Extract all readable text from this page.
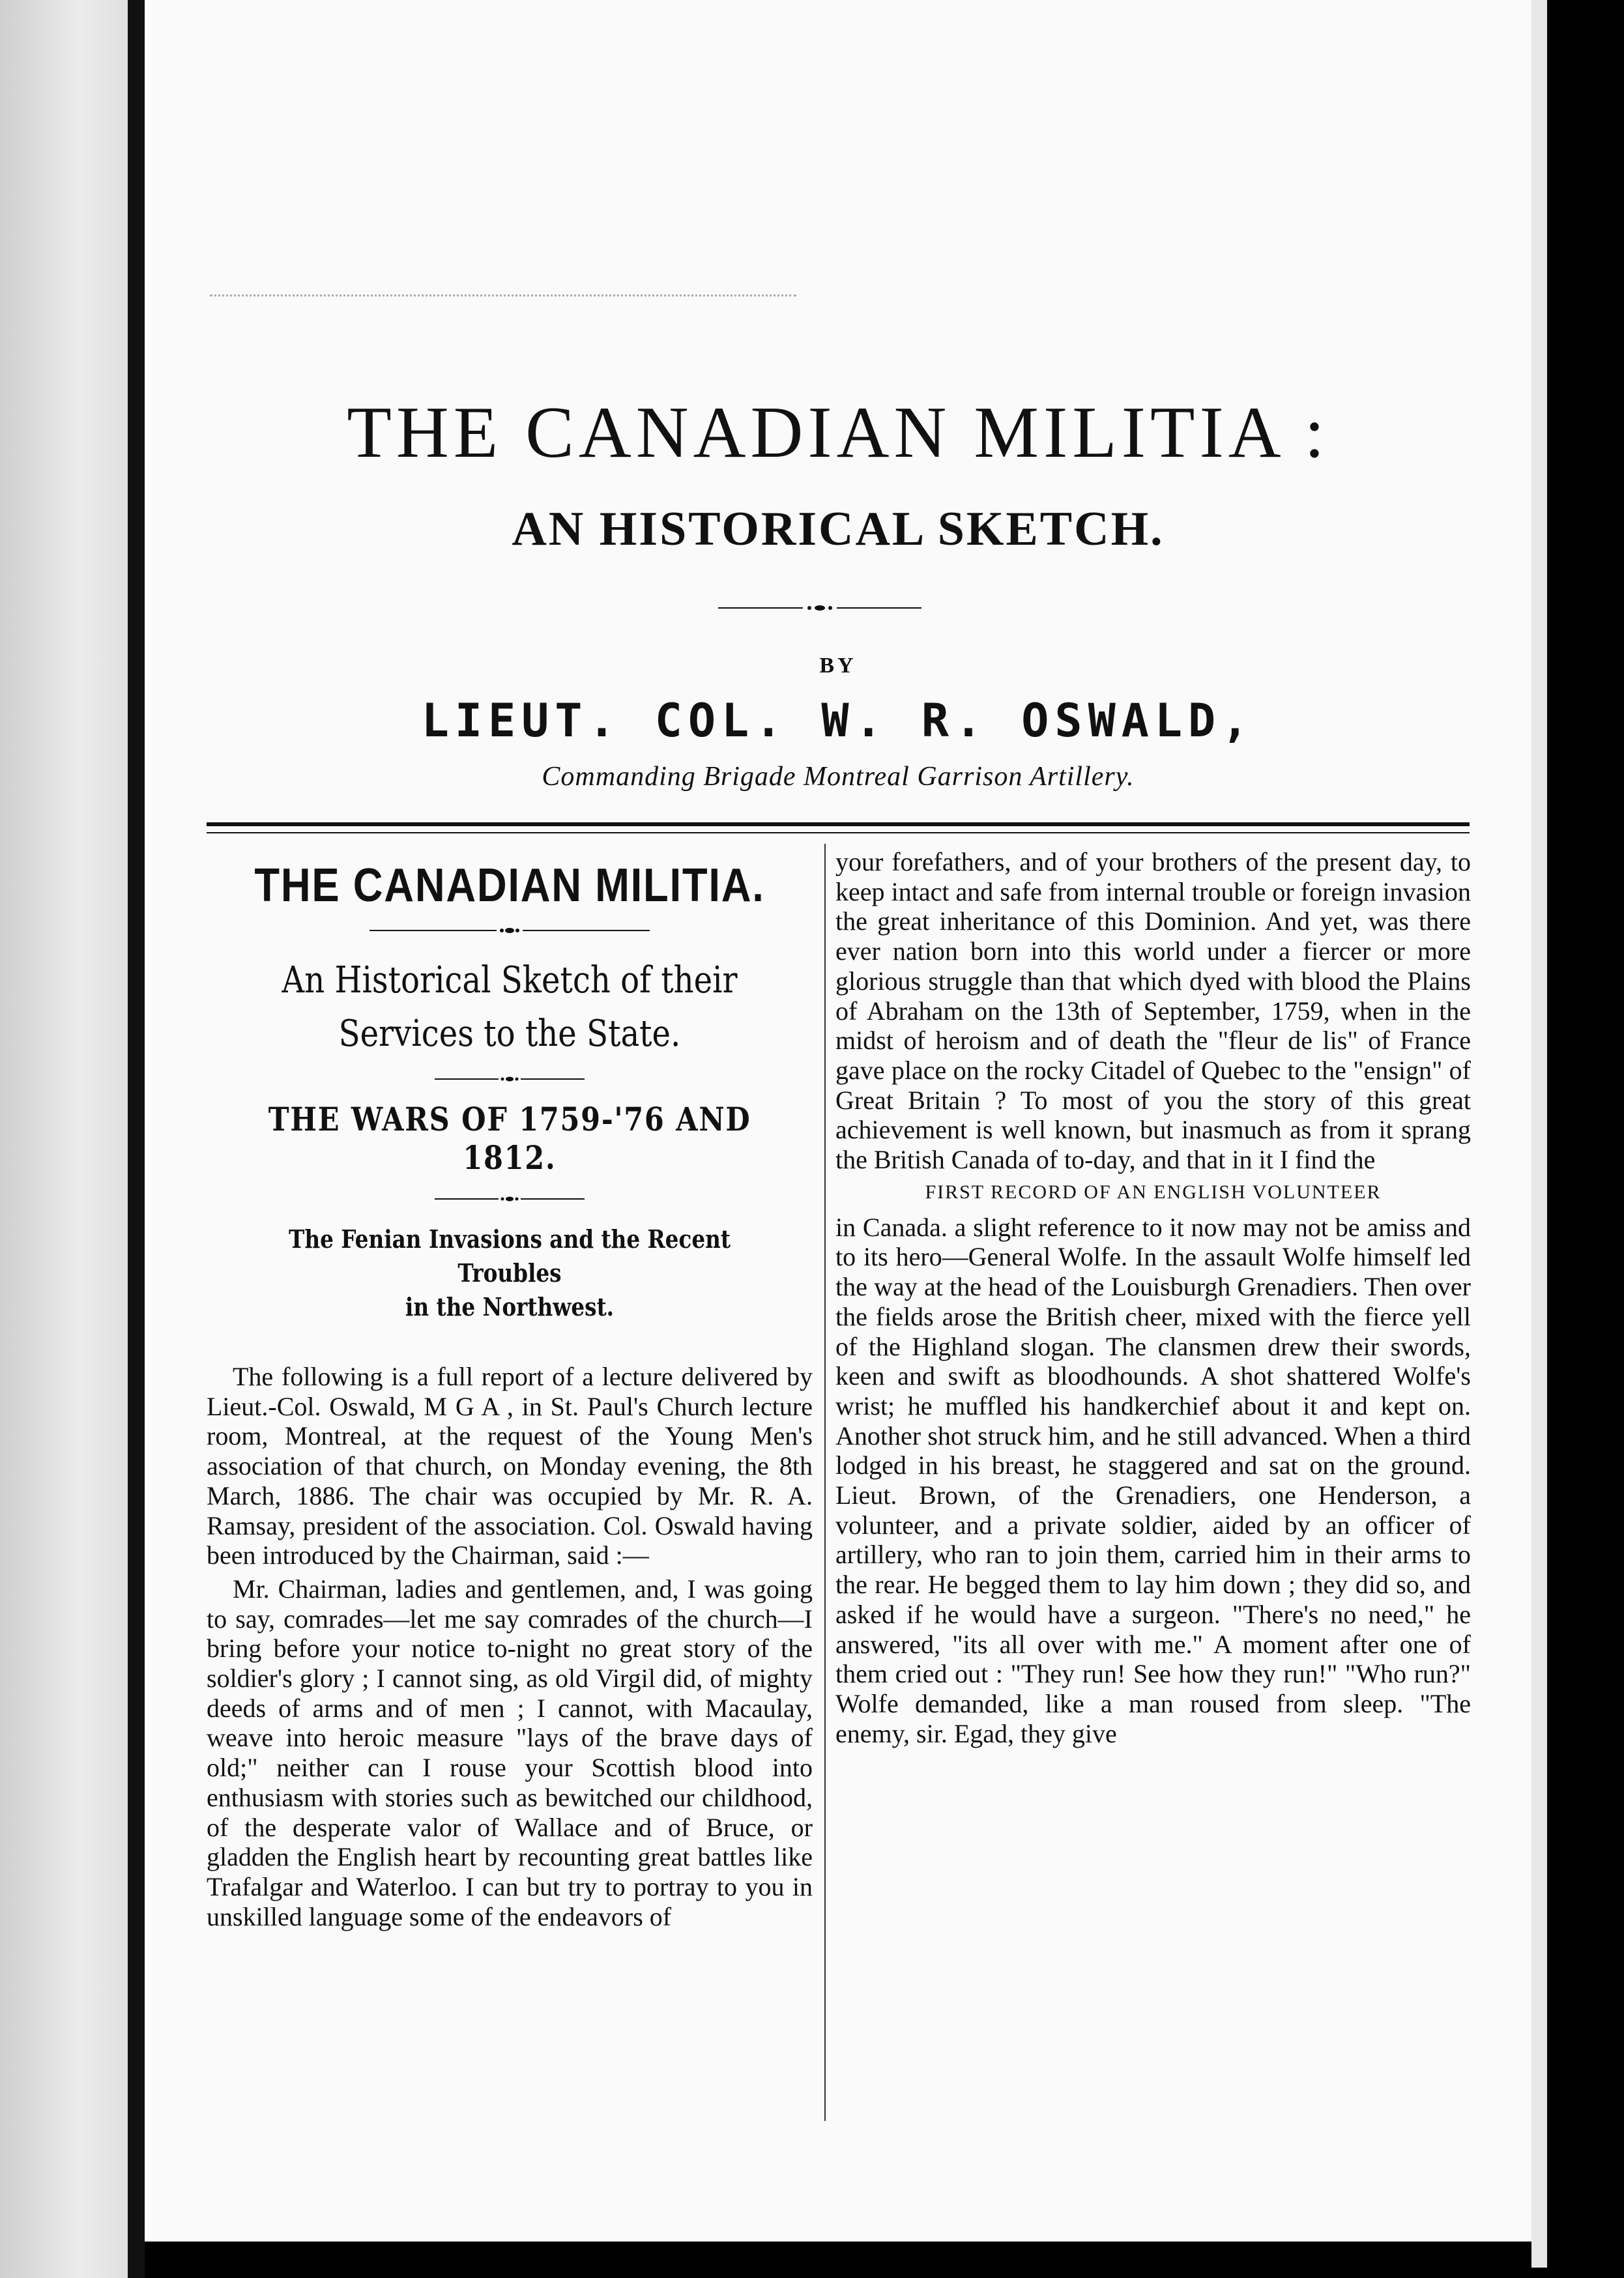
THE CANADIAN MILITIA :
AN HISTORICAL SKETCH.
BY
LIEUT. COL. W. R. OSWALD,
Commanding Brigade Montreal Garrison Artillery.
THE CANADIAN MILITIA.

An Historical Sketch of their

Services to the State.

THE WARS OF 1759-'76 AND 1812.

The Fenian Invasions and the Recent Troubles

in the Northwest.

The following is a full report of a lecture delivered by Lieut.-Col. Oswald, M G A , in St. Paul's Church lecture room, Montreal, at the request of the Young Men's association of that church, on Monday evening, the 8th March, 1886. The chair was occupied by Mr. R. A. Ramsay, president of the association. Col. Oswald having been introduced by the Chairman, said :—

Mr. Chairman, ladies and gentlemen, and, I was going to say, comrades—let me say comrades of the church—I bring before your notice to-night no great story of the soldier's glory ; I cannot sing, as old Virgil did, of mighty deeds of arms and of men ; I cannot, with Macaulay, weave into heroic measure "lays of the brave days of old;" neither can I rouse your Scottish blood into enthusiasm with stories such as bewitched our childhood, of the desperate valor of Wallace and of Bruce, or gladden the English heart by recounting great battles like Trafalgar and Waterloo. I can but try to portray to you in unskilled language some of the endeavors of

your forefathers, and of your brothers of the present day, to keep intact and safe from internal trouble or foreign invasion the great inheritance of this Dominion. And yet, was there ever nation born into this world under a fiercer or more glorious struggle than that which dyed with blood the Plains of Abraham on the 13th of September, 1759, when in the midst of heroism and of death the "fleur de lis" of France gave place on the rocky Citadel of Quebec to the "ensign" of Great Britain ? To most of you the story of this great achievement is well known, but inasmuch as from it sprang the British Canada of to-day, and that in it I find the

FIRST RECORD OF AN ENGLISH VOLUNTEER

in Canada. a slight reference to it now may not be amiss and to its hero—General Wolfe. In the assault Wolfe himself led the way at the head of the Louisburgh Grenadiers. Then over the fields arose the British cheer, mixed with the fierce yell of the Highland slogan. The clansmen drew their swords, keen and swift as bloodhounds. A shot shattered Wolfe's wrist; he muffled his handkerchief about it and kept on. Another shot struck him, and he still advanced. When a third lodged in his breast, he staggered and sat on the ground. Lieut. Brown, of the Grenadiers, one Henderson, a volunteer, and a private soldier, aided by an officer of artillery, who ran to join them, carried him in their arms to the rear. He begged them to lay him down ; they did so, and asked if he would have a surgeon. "There's no need," he answered, "its all over with me." A moment after one of them cried out : "They run! See how they run!" "Who run?" Wolfe demanded, like a man roused from sleep. "The enemy, sir. Egad, they give
